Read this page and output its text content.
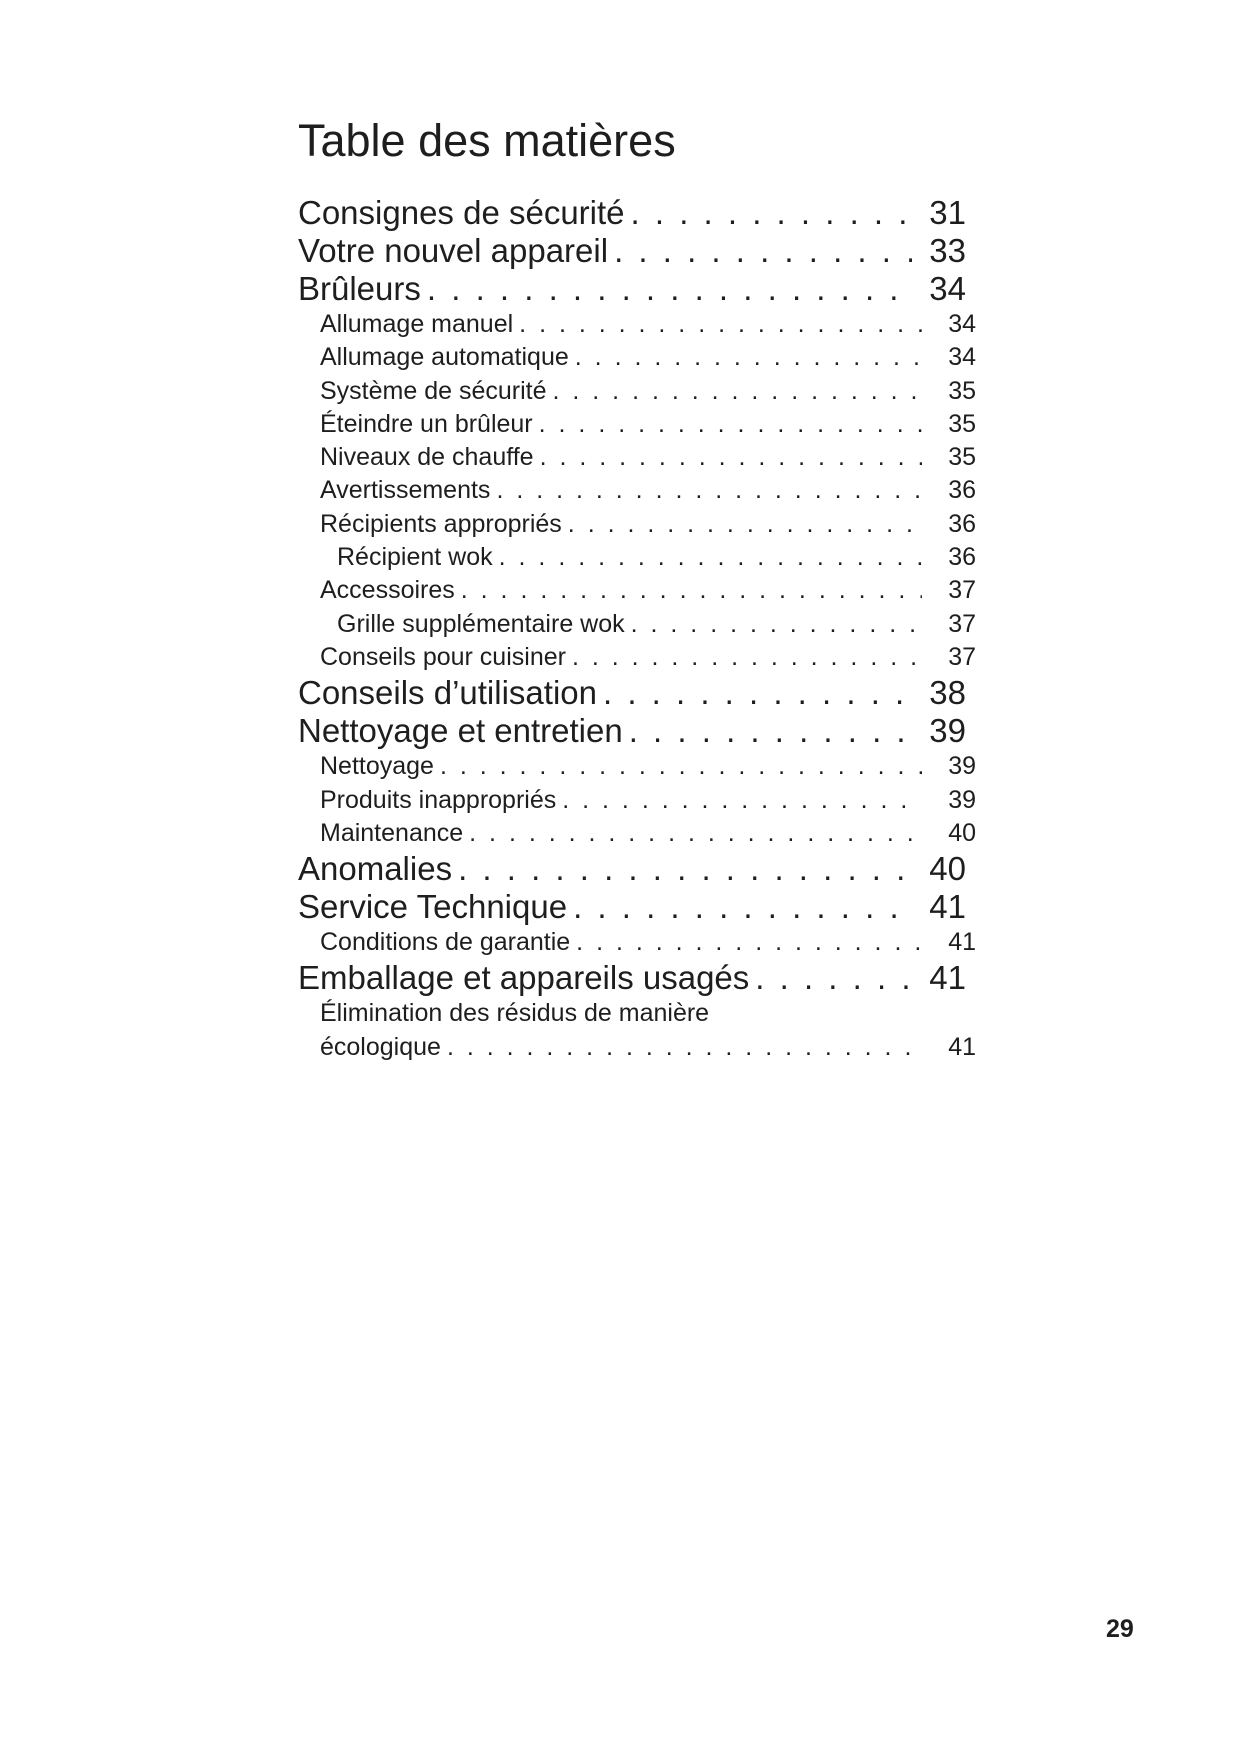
Table des matières
Consignes de sécurité . . .	31
Votre nouvel appareil . . .	33
Brûleurs . . .	34
Allumage manuel . . .	34
Allumage automatique . . .	34
Système de sécurité . . .	35
Éteindre un brûleur . . .	35
Niveaux de chauffe . . .	35
Avertissements . . .	36
Récipients appropriés . . .	36
Récipient wok . . .	36
Accessoires . . .	37
Grille supplémentaire wok . . .	37
Conseils pour cuisiner . . .	37
Conseils d’utilisation . . .	38
Nettoyage et entretien . . .	39
Nettoyage . . .	39
Produits inappropriés . . .	39
Maintenance . . .	40
Anomalies . . .	40
Service Technique . . .	41
Conditions de garantie . . .	41
Emballage et appareils usagés . . .	41
Élimination des résidus de manière
écologique . . .	41
29
